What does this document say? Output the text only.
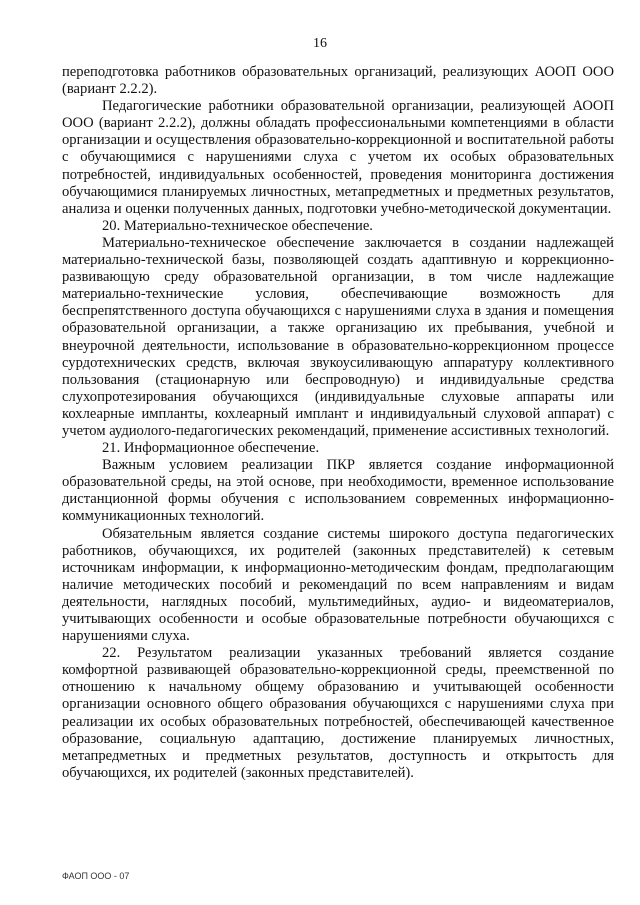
16

переподготовка работников образовательных организаций, реализующих АООП ООО (вариант 2.2.2).

Педагогические работники образовательной организации, реализующей АООП ООО (вариант 2.2.2), должны обладать профессиональными компетенциями в области организации и осуществления образовательно-коррекционной и воспитательной работы с обучающимися с нарушениями слуха с учетом их особых образовательных потребностей, индивидуальных особенностей, проведения мониторинга достижения обучающимися планируемых личностных, метапредметных и предметных результатов, анализа и оценки полученных данных, подготовки учебно-методической документации.

20. Материально-техническое обеспечение.

Материально-техническое обеспечение заключается в создании надлежащей материально-технической базы, позволяющей создать адаптивную и коррекционно-развивающую среду образовательной организации, в том числе надлежащие материально-технические условия, обеспечивающие возможность для беспрепятственного доступа обучающихся с нарушениями слуха в здания и помещения образовательной организации, а также организацию их пребывания, учебной и внеурочной деятельности, использование в образовательно-коррекционном процессе сурдотехнических средств, включая звукоусиливающую аппаратуру коллективного пользования (стационарную или беспроводную) и индивидуальные средства слухопротезирования обучающихся (индивидуальные слуховые аппараты или кохлеарные импланты, кохлеарный имплант и индивидуальный слуховой аппарат) с учетом аудиолого-педагогических рекомендаций, применение ассистивных технологий.

21. Информационное обеспечение.

Важным условием реализации ПКР является создание информационной образовательной среды, на этой основе, при необходимости, временное использование дистанционной формы обучения с использованием современных информационно-коммуникационных технологий.

Обязательным является создание системы широкого доступа педагогических работников, обучающихся, их родителей (законных представителей) к сетевым источникам информации, к информационно-методическим фондам, предполагающим наличие методических пособий и рекомендаций по всем направлениям и видам деятельности, наглядных пособий, мультимедийных, аудио- и видеоматериалов, учитывающих особенности и особые образовательные потребности обучающихся с нарушениями слуха.

22. Результатом реализации указанных требований является создание комфортной развивающей образовательно-коррекционной среды, преемственной по отношению к начальному общему образованию и учитывающей особенности организации основного общего образования обучающихся с нарушениями слуха при реализации их особых образовательных потребностей, обеспечивающей качественное образование, социальную адаптацию, достижение планируемых личностных, метапредметных и предметных результатов, доступность и открытость для обучающихся, их родителей (законных представителей).

ФАОП ООО - 07
